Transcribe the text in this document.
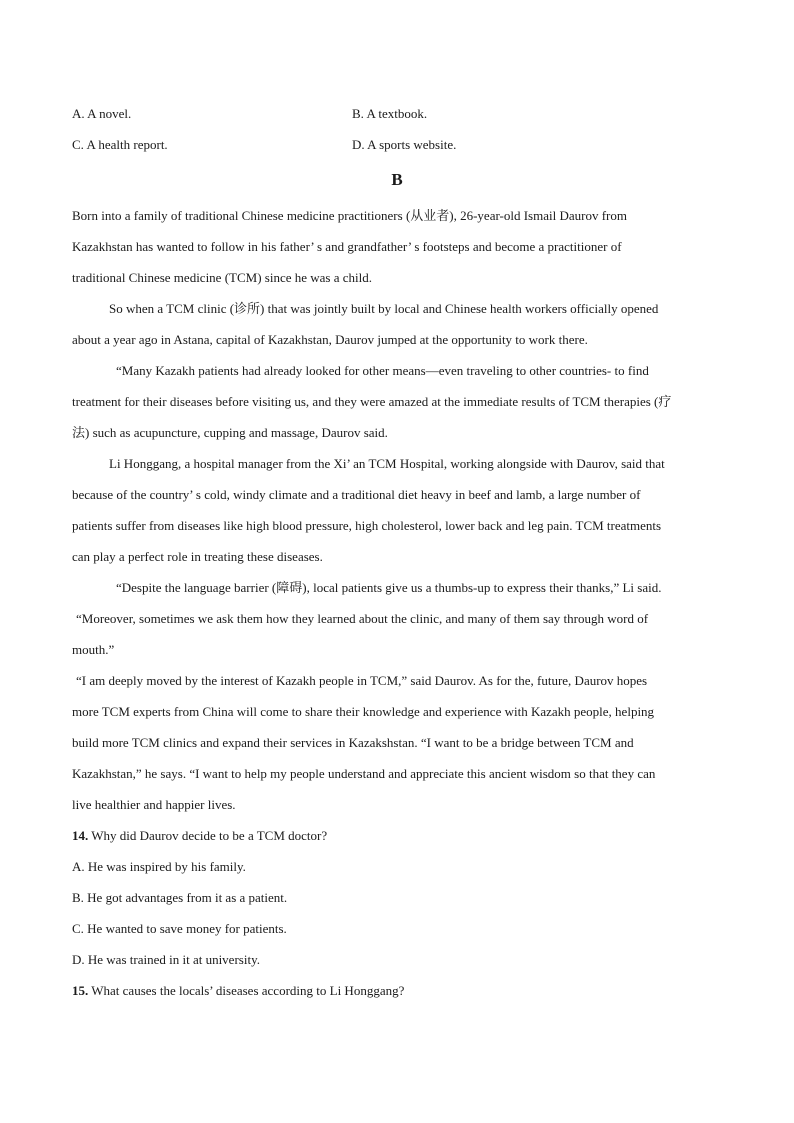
A. A novel.	B. A textbook.
C. A health report.	D. A sports website.
B
Born into a family of traditional Chinese medicine practitioners (从业者), 26-year-old Ismail Daurov from
Kazakhstan has wanted to follow in his father’ s and grandfather’ s footsteps and become a practitioner of
traditional Chinese medicine (TCM) since he was a child.
So when a TCM clinic (诊所) that was jointly built by local and Chinese health workers officially opened
about a year ago in Astana, capital of Kazakhstan, Daurov jumped at the opportunity to work there.
“Many Kazakh patients had already looked for other means—even traveling to other countries- to find
treatment for their diseases before visiting us, and they were amazed at the immediate results of TCM therapies (疗
法) such as acupuncture, cupping and massage, Daurov said.
Li Honggang, a hospital manager from the Xi’ an TCM Hospital, working alongside with Daurov, said that
because of the country’ s cold, windy climate and a traditional diet heavy in beef and lamb, a large number of
patients suffer from diseases like high blood pressure, high cholesterol, lower back and leg pain. TCM treatments
can play a perfect role in treating these diseases.
“Despite the language barrier (障碍), local patients give us a thumbs-up to express their thanks,” Li said.
“Moreover, sometimes we ask them how they learned about the clinic, and many of them say through word of
mouth.”
“I am deeply moved by the interest of Kazakh people in TCM,” said Daurov. As for the, future, Daurov hopes
more TCM experts from China will come to share their knowledge and experience with Kazakh people, helping
build more TCM clinics and expand their services in Kazakshstan. “I want to be a bridge between TCM and
Kazakhstan,” he says. “I want to help my people understand and appreciate this ancient wisdom so that they can
live healthier and happier lives.
14. Why did Daurov decide to be a TCM doctor?
A. He was inspired by his family.
B. He got advantages from it as a patient.
C. He wanted to save money for patients.
D. He was trained in it at university.
15. What causes the locals’ diseases according to Li Honggang?
